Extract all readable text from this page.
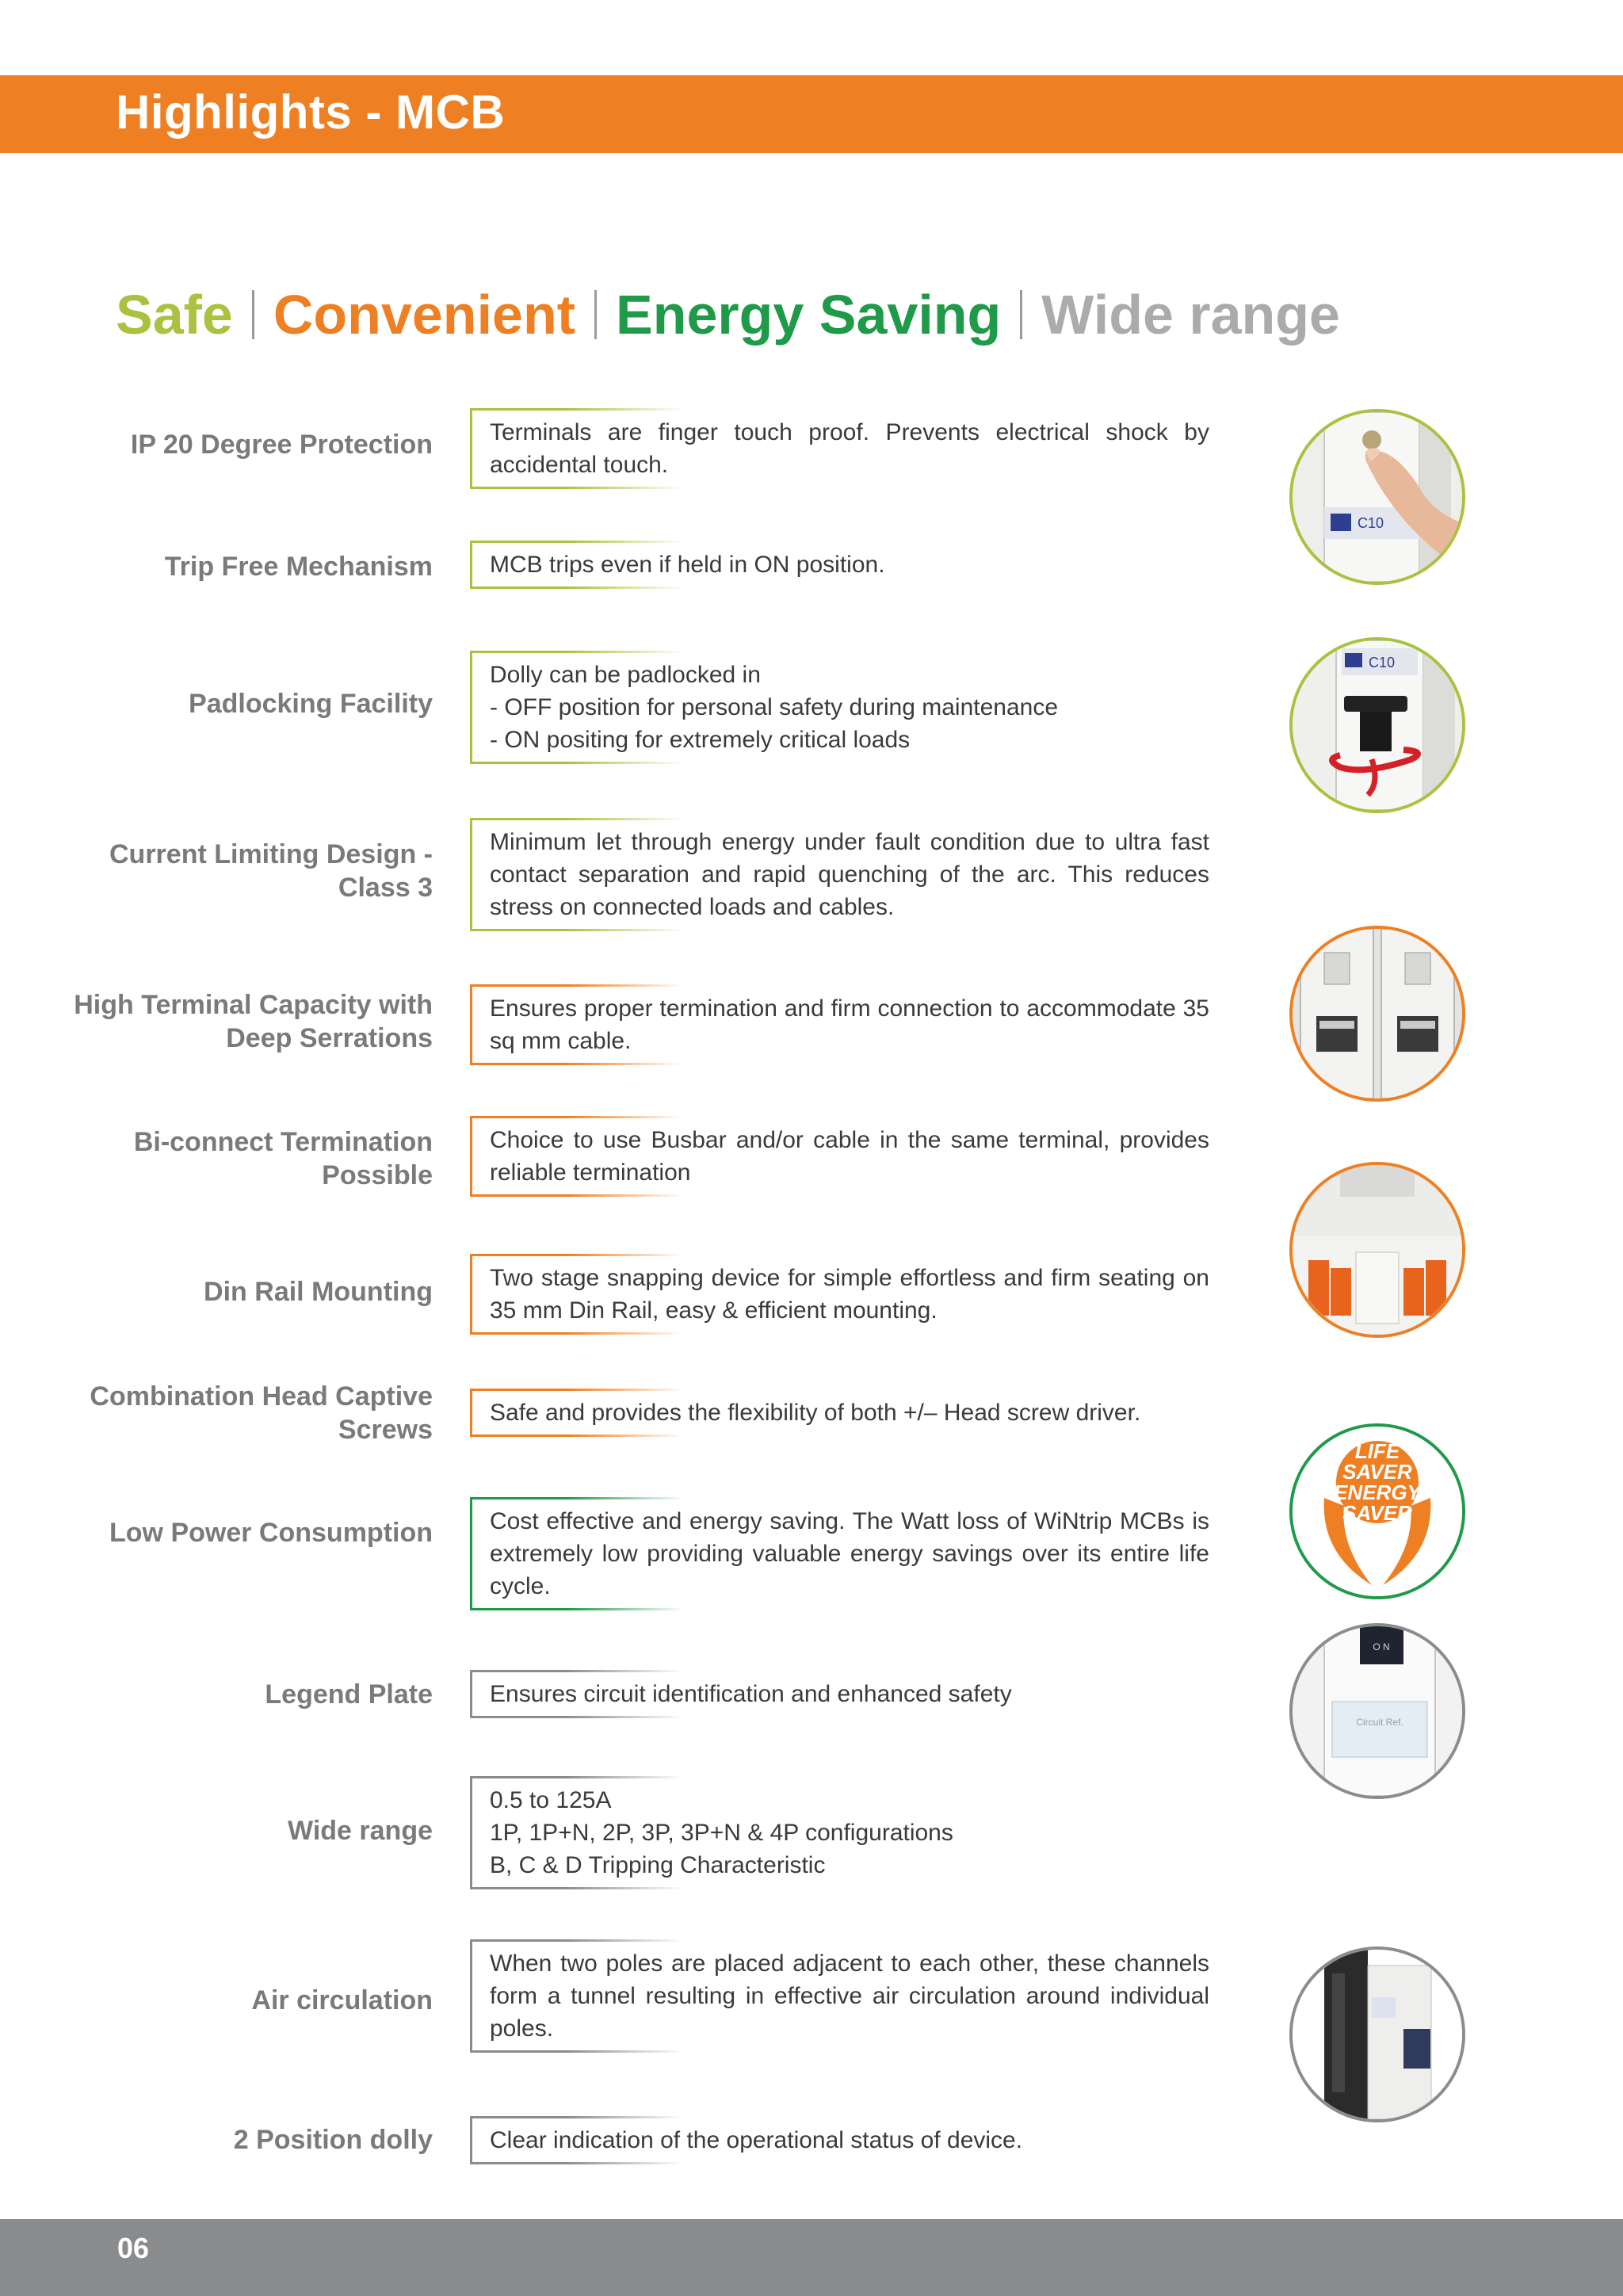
Highlights - MCB
Safe Convenient Energy Saving Wide range
IP 20 Degree Protection Terminals are finger touch proof. Prevents electrical shock by accidental touch.
Trip Free Mechanism MCB trips even if held in ON position.
Padlocking Facility
Dolly can be padlocked in
- OFF position for personal safety during maintenance
- ON positing for extremely critical loads
Current Limiting Design - Class 3
Minimum let through energy under fault condition due to ultra fast contact separation and rapid quenching of the arc. This reduces stress on connected loads and cables.
High Terminal Capacity with Deep Serrations
Ensures proper termination and firm connection to accommodate 35 sq mm cable.
Bi-connect Termination Possible
Choice to use Busbar and/or cable in the same terminal, provides reliable termination
Din Rail Mounting Two stage snapping device for simple effortless and firm seating on 35 mm Din Rail, easy & efficient mounting.
Combination Head Captive Screws
Safe and provides the flexibility of both +/– Head screw driver.
Low Power Consumption Cost effective and energy saving. The Watt loss of WiNtrip MCBs is extremely low providing valuable energy savings over its entire life cycle.
Legend Plate Ensures circuit identification and enhanced safety
Wide range
0.5 to 125A
1P, 1P+N, 2P, 3P, 3P+N & 4P configurations
B, C & D Tripping Characteristic
Air circulation
When two poles are placed adjacent to each other, these channels form a tunnel resulting in effective air circulation around individual poles.
2 Position dolly Clear indication of the operational status of device.
C10
C10
LIFE
SAVER
ENERGY
SAVER
O N
Circuit Ref.
06
